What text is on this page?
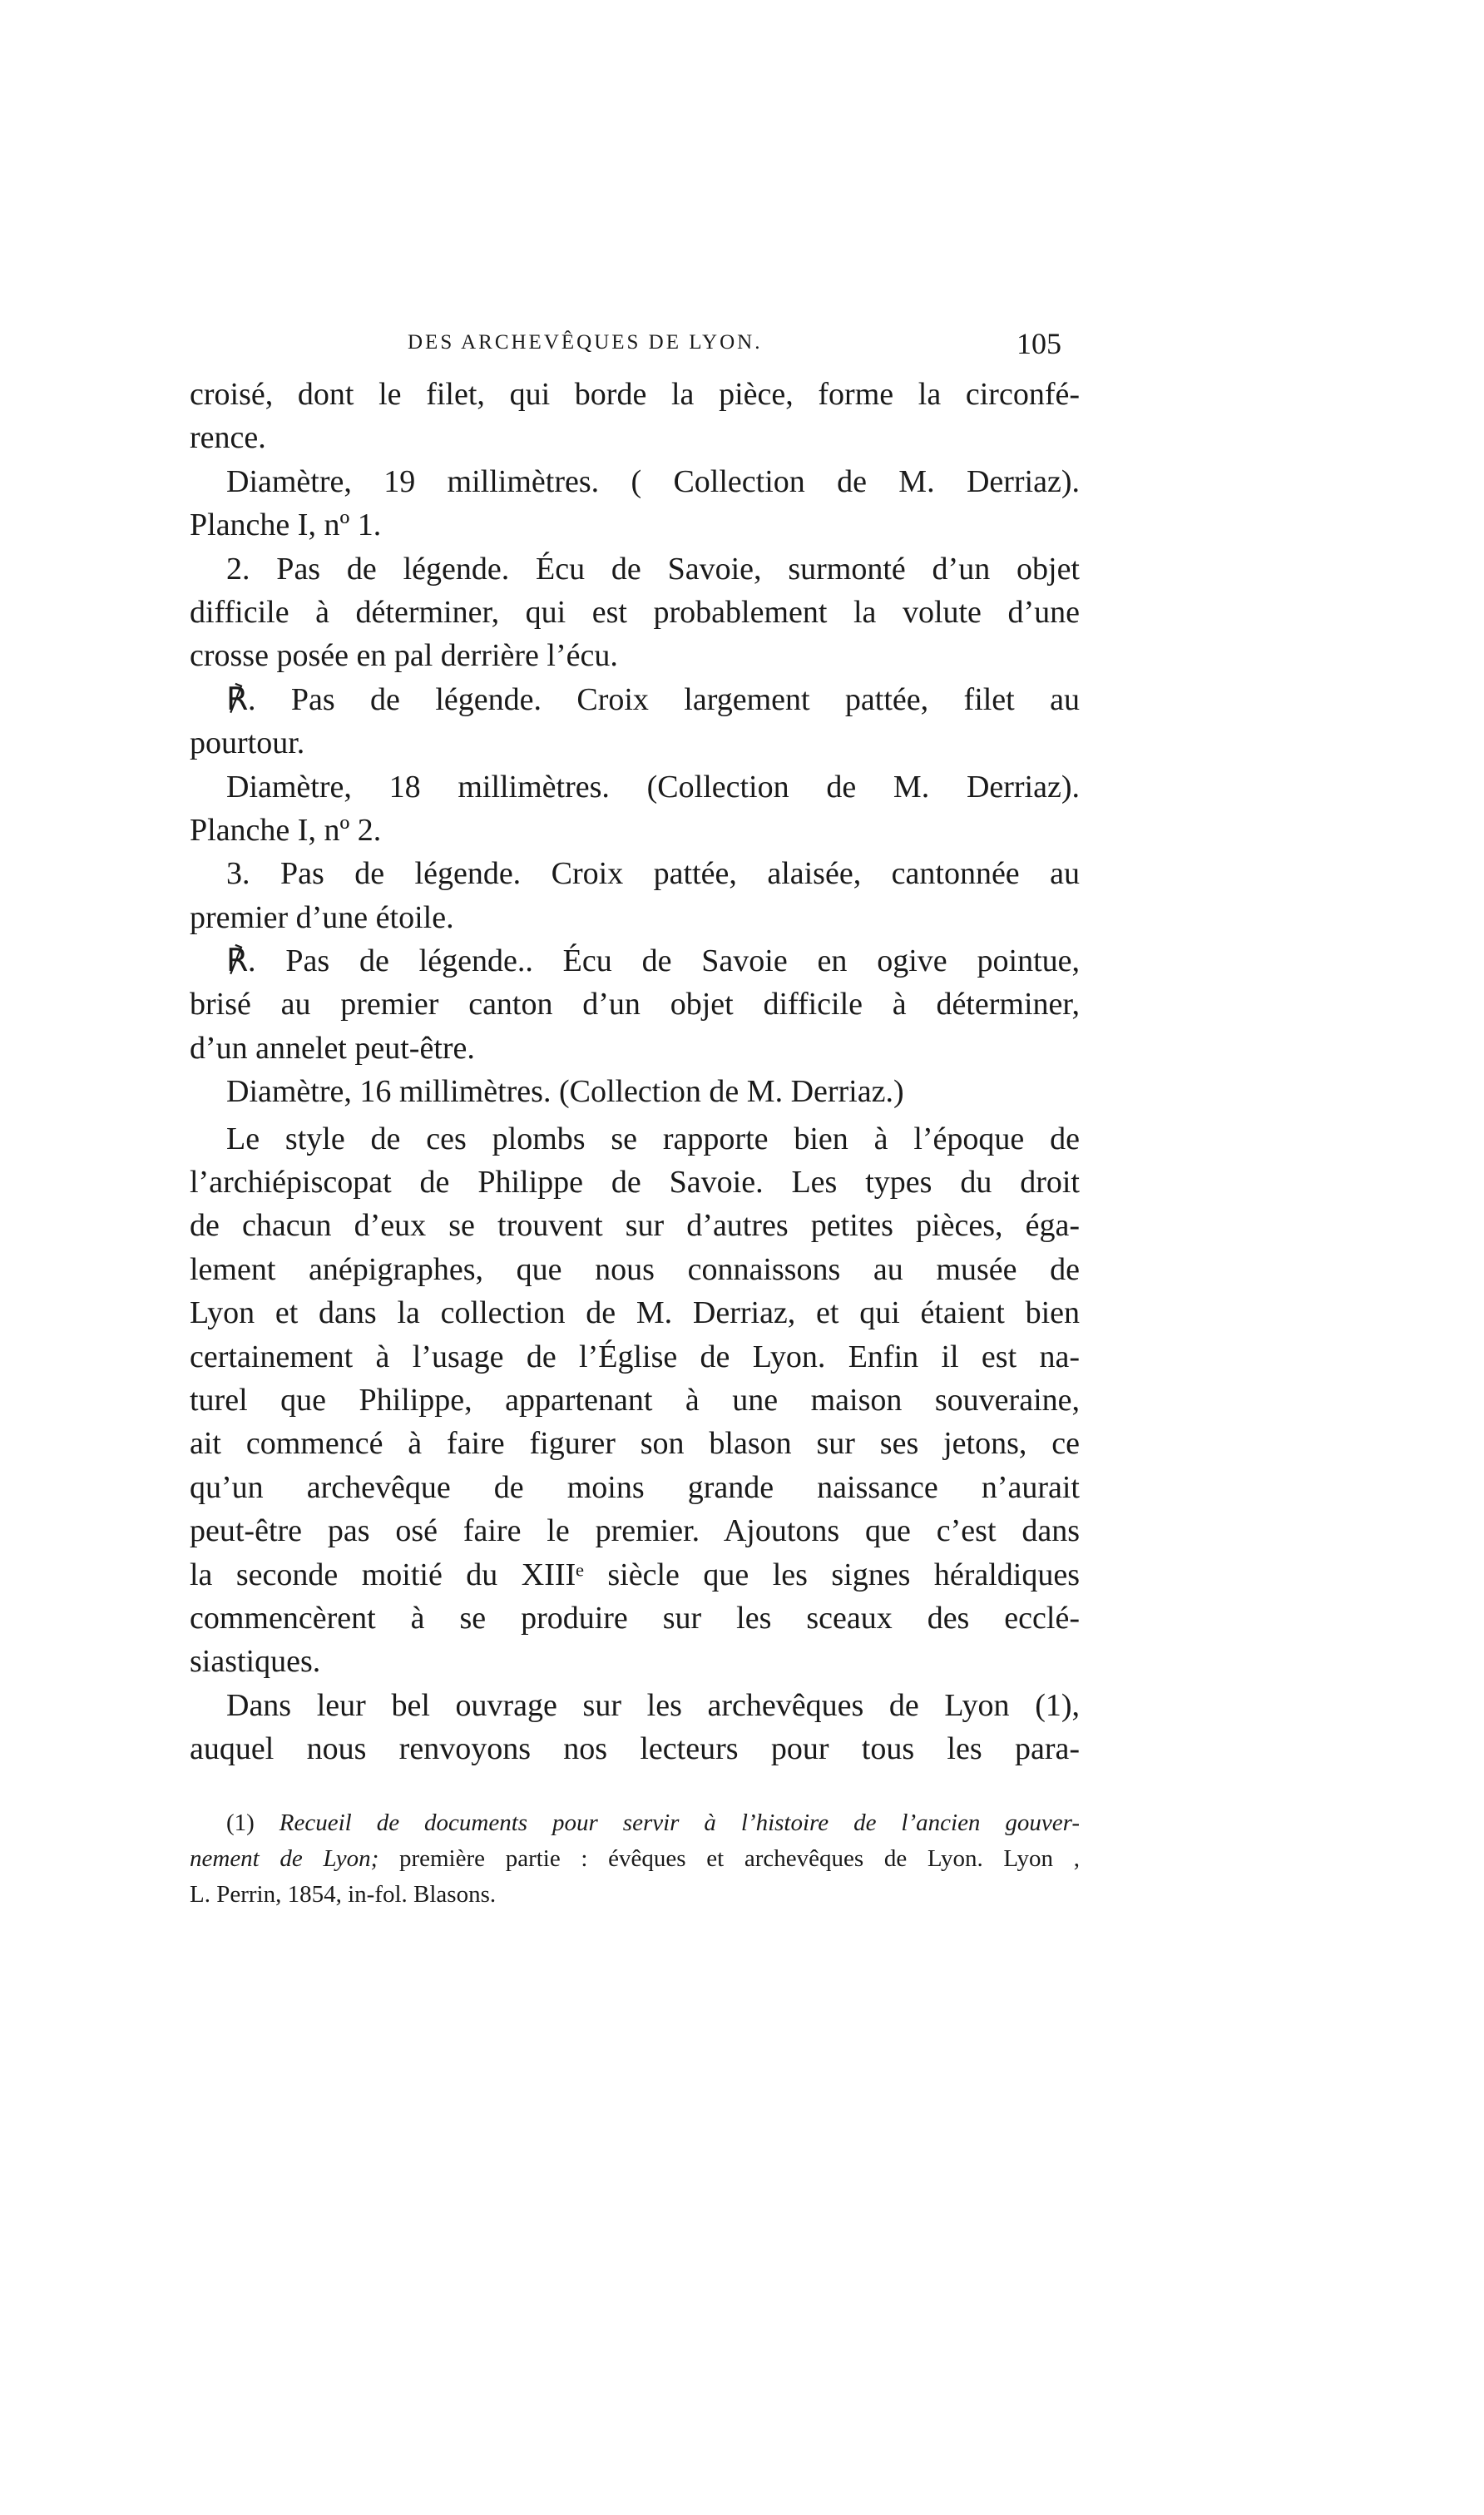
DES ARCHEVÊQUES DE LYON.	105
croisé, dont le filet, qui borde la pièce, forme la circonfé-
rence.
Diamètre, 19 millimètres. ( Collection de M. Derriaz).
Planche I, nº 1.
2. Pas de légende. Écu de Savoie, surmonté d’un objet
difficile à déterminer, qui est probablement la volute d’une
crosse posée en pal derrière l’écu.
℟. Pas de légende. Croix largement pattée, filet au
pourtour.
Diamètre, 18 millimètres. (Collection de M. Derriaz).
Planche I, nº 2.
3. Pas de légende. Croix pattée, alaisée, cantonnée au
premier d’une étoile.
℟. Pas de légende.. Écu de Savoie en ogive pointue,
brisé au premier canton d’un objet difficile à déterminer,
d’un annelet peut-être.
Diamètre, 16 millimètres. (Collection de M. Derriaz.)
Le style de ces plombs se rapporte bien à l’époque de
l’archiépiscopat de Philippe de Savoie. Les types du droit
de chacun d’eux se trouvent sur d’autres petites pièces, éga-
lement anépigraphes, que nous connaissons au musée de
Lyon et dans la collection de M. Derriaz, et qui étaient bien
certainement à l’usage de l’Église de Lyon. Enfin il est na-
turel que Philippe, appartenant à une maison souveraine,
ait commencé à faire figurer son blason sur ses jetons, ce
qu’un archevêque de moins grande naissance n’aurait
peut-être pas osé faire le premier. Ajoutons que c’est dans
la seconde moitié du XIIIᵉ siècle que les signes héraldiques
commencèrent à se produire sur les sceaux des ecclé-
siastiques.
Dans leur bel ouvrage sur les archevêques de Lyon (1),
auquel nous renvoyons nos lecteurs pour tous les para-
(1) Recueil de documents pour servir à l’histoire de l’ancien gouver-
nement de Lyon; première partie : évêques et archevêques de Lyon. Lyon ,
L. Perrin, 1854, in-fol. Blasons.
